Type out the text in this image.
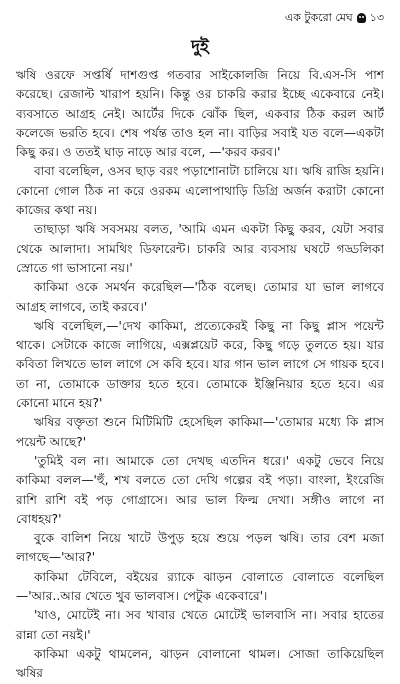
এক টুকরো মেঘ ১৩
দুই

ঋষি ওরফে সপ্তর্ষি দাশগুপ্ত গতবার সাইকোলজি নিয়ে বি.এস-সি পাশ করেছে। রেজাল্ট খারাপ হয়নি। কিন্তু ওর চাকরি করার ইচ্ছে একেবারে নেই। ব্যবসাতে আগ্রহ নেই। আর্টের দিকে ঝোঁক ছিল, একবার ঠিক করল আর্ট কলেজে ভরতি হবে। শেষ পর্যন্ত তাও হল না। বাড়ির সবাই যত বলে—একটা কিছু কর। ও ততই ঘাড় নাড়ে আর বলে, —'করব করব।'

বাবা বলেছিল, ওসব ছাড় বরং পড়াশোনাটা চালিয়ে যা। ঋষি রাজি হয়নি। কোনো গোল ঠিক না করে ওরকম এলোপাথাড়ি ডিগ্রি অর্জন করাটা কোনো কাজের কথা নয়।

তাছাড়া ঋষি সবসময় বলত, 'আমি এমন একটা কিছু করব, যেটা সবার থেকে আলাদা। সামথিং ডিফারেন্ট। চাকরি আর ব্যবসায় ঘষটে গড্ডলিকা স্রোতে গা ভাসানো নয়।'

কাকিমা ওকে সমর্থন করেছিল—'ঠিক বলেছ। তোমার যা ভাল লাগবে আগ্রহ লাগবে, তাই করবে।'

ঋষি বলেছিল,—'দেখ কাকিমা, প্রত্যেকেরই কিছু না কিছু প্লাস পয়েন্ট থাকে। সেটাকে কাজে লাগিয়ে, এক্সপ্লয়েট করে, কিছু গড়ে তুলতে হয়। যার কবিতা লিখতে ভাল লাগে সে কবি হবে। যার গান ভাল লাগে সে গায়ক হবে। তা না, তোমাকে ডাক্তার হতে হবে। তোমাকে ইঞ্জিনিয়ার হতে হবে। এর কোনো মানে হয়?'

ঋষির বক্তৃতা শুনে মিটিমিটি হেসেছিল কাকিমা—'তোমার মধ্যে কি প্লাস পয়েন্ট আছে?'

'তুমিই বল না। আমাকে তো দেখছ এতদিন ধরে।' একটু ভেবে নিয়ে কাকিমা বলল—'হুঁ, শখ বলতে তো দেখি গল্পের বই পড়া। বাংলা, ইংরেজি রাশি রাশি বই পড় গোগ্রাসে। আর ভাল ফিল্ম দেখা। সঙ্গীও লাগে না বোধহয়?'

বুকে বালিশ নিয়ে খাটে উপুড় হয়ে শুয়ে পড়ল ঋষি। তার বেশ মজা লাগছে—'আর?'

কাকিমা টেবিলে, বইয়ের র‍্যাকে ঝাড়ন বোলাতে বোলাতে বলেছিল—'আর..আর খেতে খুব ভালবাস। পেটুক একেবারে'।

'যাও, মোটেই না। সব খাবার খেতে মোটেই ভালবাসি না। সবার হাতের রান্না তো নয়ই।'

কাকিমা একটু থামলেন, ঝাড়ন বোলানো থামল। সোজা তাকিয়েছিল ঋষির
